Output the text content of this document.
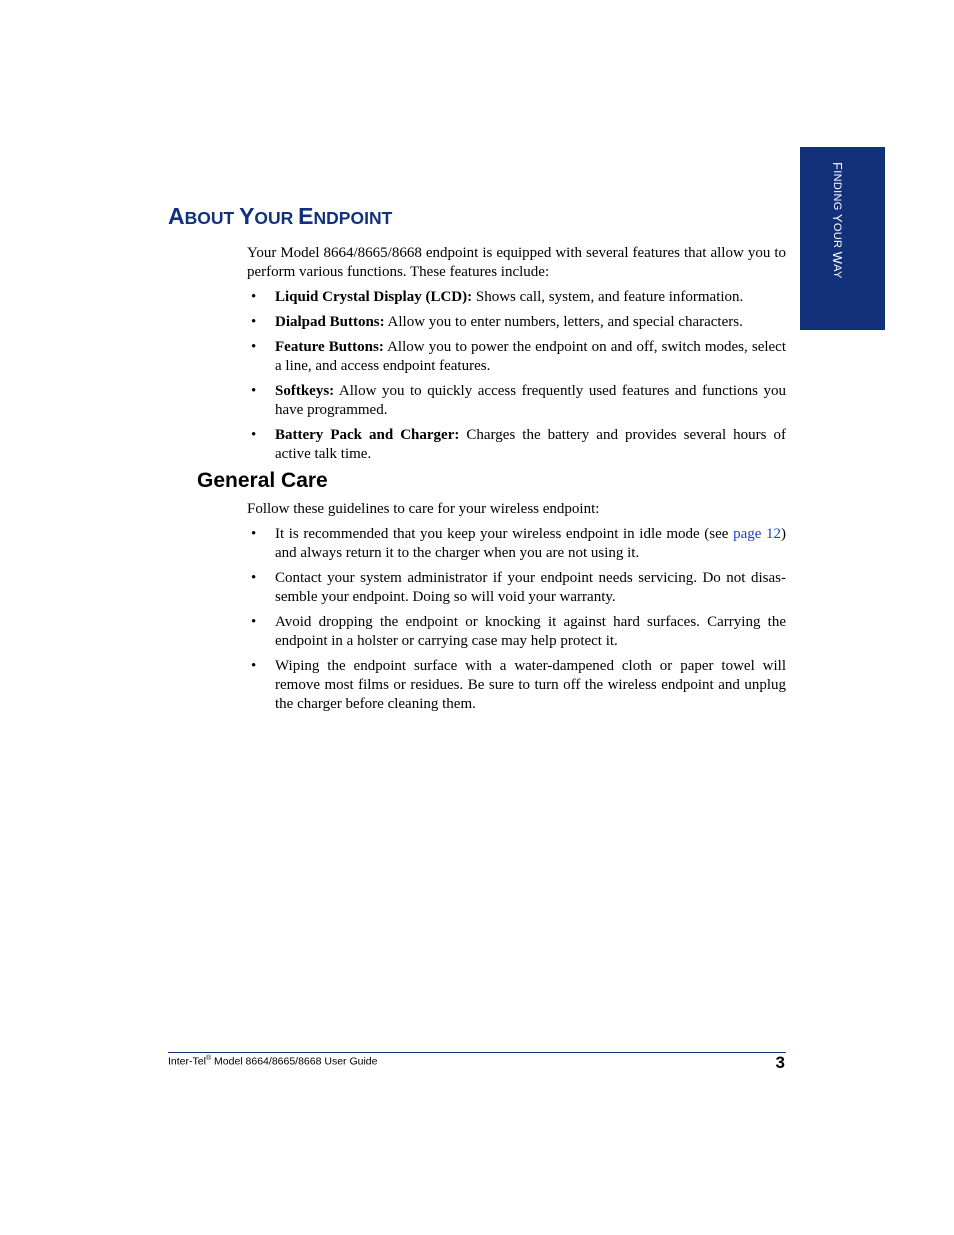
FINDING YOUR WAY
ABOUT YOUR ENDPOINT

Your Model 8664/8665/8668 endpoint is equipped with several features that allow you to perform various functions. These features include:

• Liquid Crystal Display (LCD): Shows call, system, and feature information.
• Dialpad Buttons: Allow you to enter numbers, letters, and special characters.
• Feature Buttons: Allow you to power the endpoint on and off, switch modes, select a line, and access endpoint features.
• Softkeys: Allow you to quickly access frequently used features and functions you have programmed.
• Battery Pack and Charger: Charges the battery and provides several hours of active talk time.
General Care

Follow these guidelines to care for your wireless endpoint:

• It is recommended that you keep your wireless endpoint in idle mode (see page 12) and always return it to the charger when you are not using it.
• Contact your system administrator if your endpoint needs servicing. Do not disas-semble your endpoint. Doing so will void your warranty.
• Avoid dropping the endpoint or knocking it against hard surfaces. Carrying the endpoint in a holster or carrying case may help protect it.
• Wiping the endpoint surface with a water-dampened cloth or paper towel will remove most films or residues. Be sure to turn off the wireless endpoint and unplug the charger before cleaning them.
Inter-Tel® Model 8664/8665/8668 User Guide	3
